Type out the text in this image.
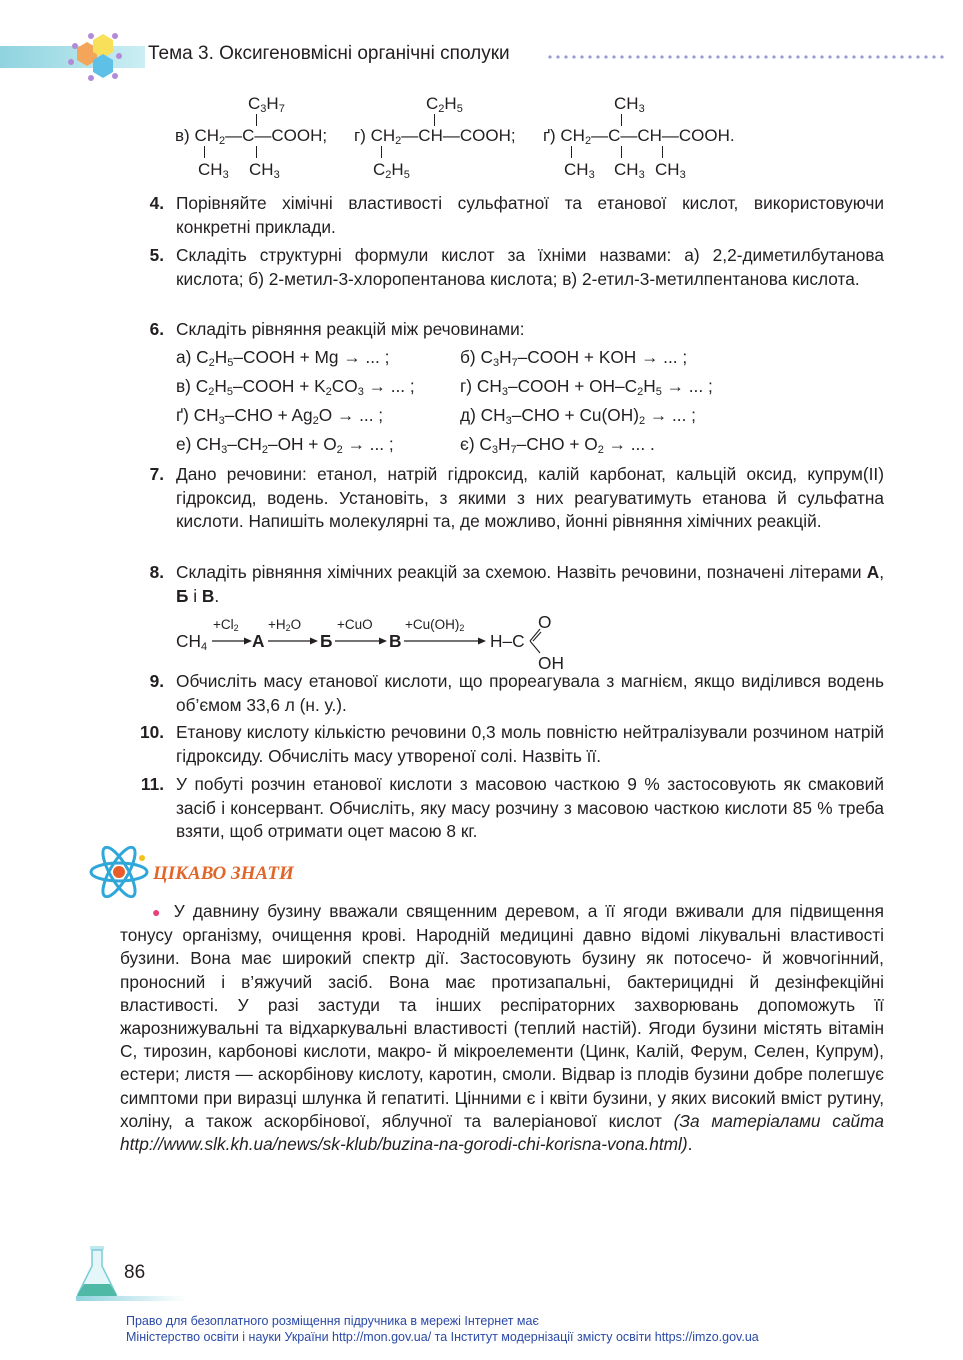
Тема 3. Оксигеновмісні органічні сполуки
$C_3H_7$
в) $CH_2—C—COOH$;
$CH_3$ $CH_3$
$C_2H_5$
г) $CH_2—CH—COOH$;
$C_2H_5$
$CH_3$
ґ) $CH_2—C—CH—COOH$.
$CH_3$ $CH_3$ $CH_3$
4. Порівняйте хімічні властивості сульфатної та етанової кислот, використовуючи конкретні приклади.
5. Складіть структурні формули кислот за їхніми назвами: а) 2,2-диметилбутанова кислота; б) 2-метил-3-хлоропентанова кислота; в) 2-етил-3-метилпентанова кислота.
6. Складіть рівняння реакцій між речовинами:
а) $C_2H_5$–COOH + Mg → ... ;	б) $C_3H_7$–COOH + KOH → ... ;
в) $C_2H_5$–COOH + $K_2CO_3$ → ... ;	г) $CH_3$–COOH + $OH-C_2H_5$ → ... ;
ґ) $CH_3$–CHO + $Ag_2O$ → ... ;	д) $CH_3$–CHO + $Cu(OH)_2$ → ... ;
е) $CH_3-CH_2-OH + O_2$ → ... ;	є) $C_3H_7$–CHO + $O_2$ → ... .
7. Дано речовини: етанол, натрій гідроксид, калій карбонат, кальцій оксид, купрум(II) гідроксид, водень. Установіть, з якими з них реагуватимуть етанова й сульфатна кислоти. Напишіть молекулярні та, де можливо, йонні рівняння хімічних реакцій.
8. Складіть рівняння хімічних реакцій за схемою. Назвіть речовини, позначені літерами А, Б і В.
$CH_4$
$+Cl_2$
А
$+H_2O$
Б
+CuO
В
$+Cu(OH)_2$
H–C
O
OH
9. Обчисліть масу етанової кислоти, що прореагувала з магнієм, якщо виділився водень об’ємом 33,6 л (н. у.).
10. Етанову кислоту кількістю речовини 0,3 моль повністю нейтралізували розчином натрій гідроксиду. Обчисліть масу утвореної солі. Назвіть її.
11. У побуті розчин етанової кислоти з масовою часткою 9 % застосовують як смаковий засіб і консервант. Обчисліть, яку масу розчину з масовою часткою кислоти 85 % треба взяти, щоб отримати оцет масою 8 кг.
ЦІКАВО ЗНАТИ
● У давнину бузину вважали священним деревом, а її ягоди вживали для підвищення тонусу організму, очищення крові. Народній медицині давно відомі лікувальні властивості бузини. Вона має широкий спектр дії. Застосовують бузину як потосечо- й жовчогінний, проносний і в’яжучий засіб. Вона має протизапальні, бактерицидні й дезінфекційні властивості. У разі застуди та інших респіраторних захворювань допоможуть її жарознижувальні та відхаркувальні властивості (теплий настій). Ягоди бузини містять вітамін С, тирозин, карбонові кислоти, макро- й мікроелементи (Цинк, Калій, Ферум, Селен, Купрум), естери; листя — аскорбінову кислоту, каротин, смоли. Відвар із плодів бузини добре полегшує симптоми при виразці шлунка й гепатиті. Цінними є і квіти бузини, у яких високий вміст рутину, холіну, а також аскорбінової, яблучної та валеріанової кислот (За матеріалами сайта http://www.slk.kh.ua/news/sk-klub/buzina-na-gorodi-chi-korisna-vona.html).
86
Право для безоплатного розміщення підручника в мережі Інтернет має
Міністерство освіти і науки України http://mon.gov.ua/ та Інститут модернізації змісту освіти https://imzo.gov.ua
